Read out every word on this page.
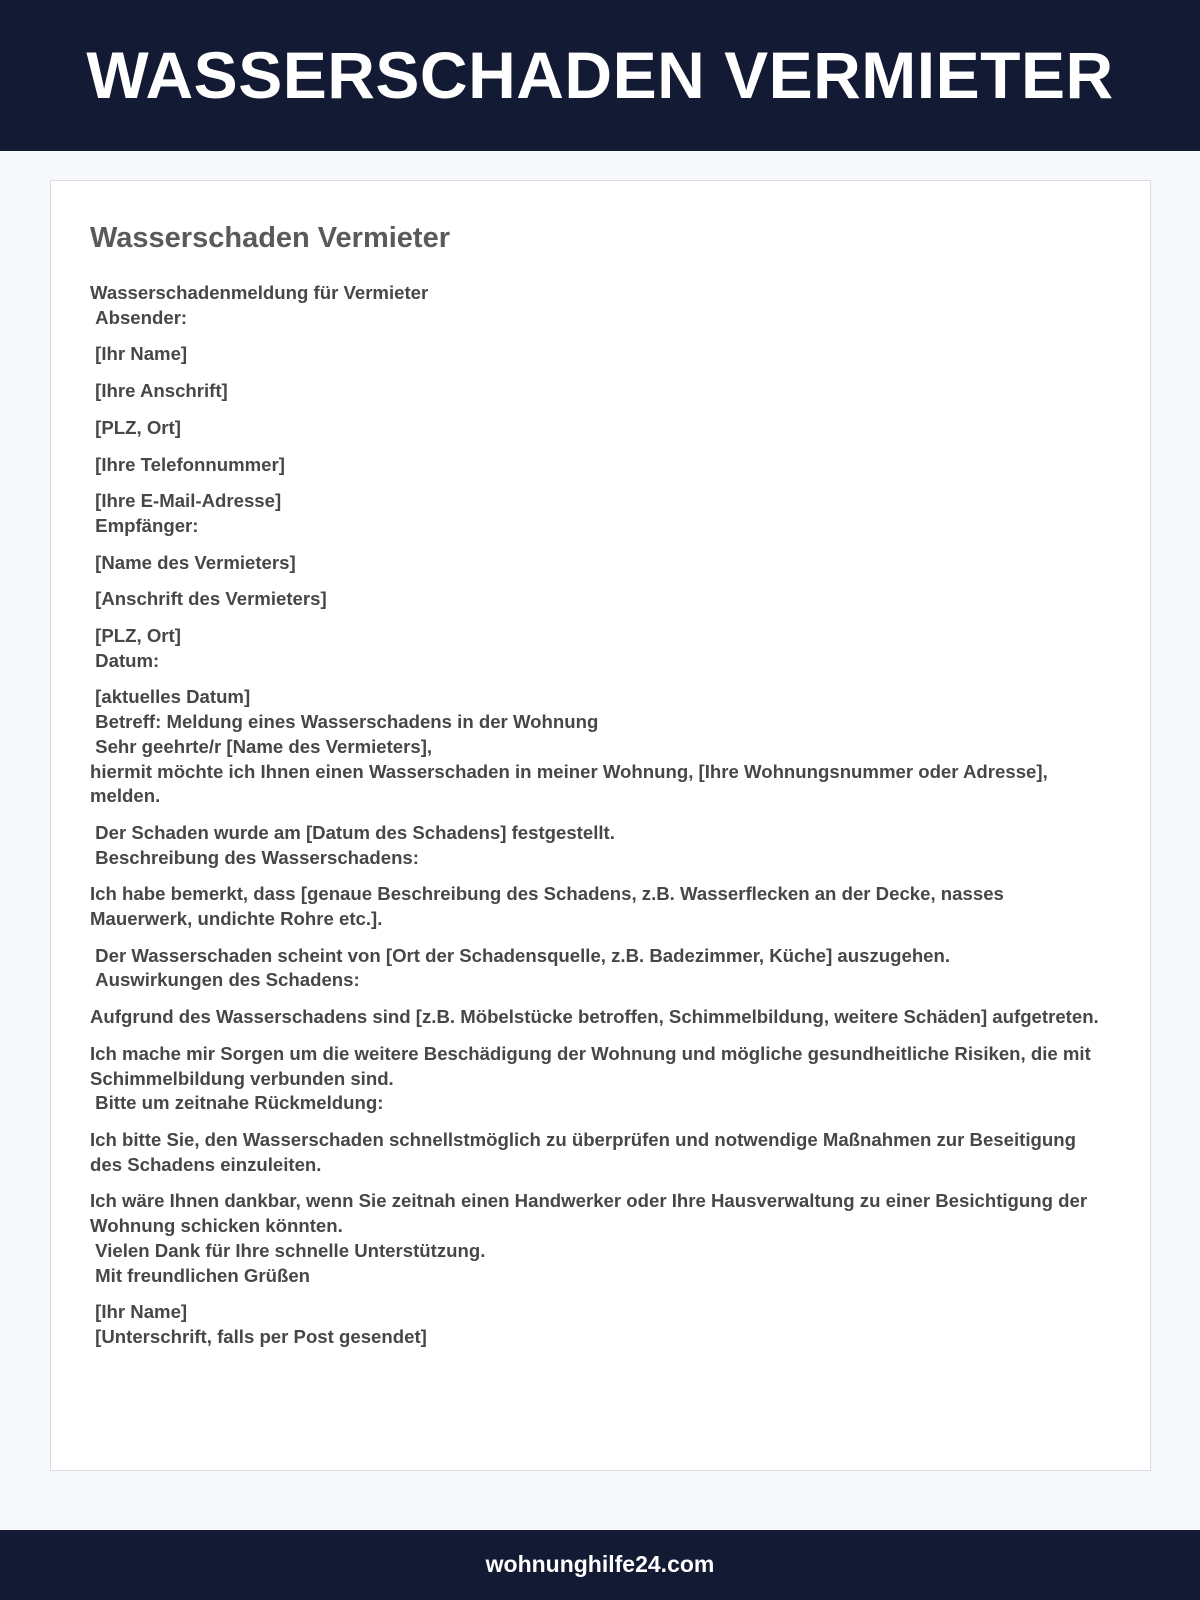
WASSERSCHADEN VERMIETER
Wasserschaden Vermieter
Wasserschadenmeldung für Vermieter
Absender:
[Ihr Name]
[Ihre Anschrift]
[PLZ, Ort]
[Ihre Telefonnummer]
[Ihre E-Mail-Adresse]
Empfänger:
[Name des Vermieters]
[Anschrift des Vermieters]
[PLZ, Ort]
Datum:
[aktuelles Datum]
Betreff: Meldung eines Wasserschadens in der Wohnung
Sehr geehrte/r [Name des Vermieters],
hiermit möchte ich Ihnen einen Wasserschaden in meiner Wohnung, [Ihre Wohnungsnummer oder Adresse], melden.
Der Schaden wurde am [Datum des Schadens] festgestellt.
Beschreibung des Wasserschadens:
Ich habe bemerkt, dass [genaue Beschreibung des Schadens, z.B. Wasserflecken an der Decke, nasses Mauerwerk, undichte Rohre etc.].
Der Wasserschaden scheint von [Ort der Schadensquelle, z.B. Badezimmer, Küche] auszugehen.
Auswirkungen des Schadens:
Aufgrund des Wasserschadens sind [z.B. Möbelstücke betroffen, Schimmelbildung, weitere Schäden] aufgetreten.
Ich mache mir Sorgen um die weitere Beschädigung der Wohnung und mögliche gesundheitliche Risiken, die mit Schimmelbildung verbunden sind.
Bitte um zeitnahe Rückmeldung:
Ich bitte Sie, den Wasserschaden schnellstmöglich zu überprüfen und notwendige Maßnahmen zur Beseitigung des Schadens einzuleiten.
Ich wäre Ihnen dankbar, wenn Sie zeitnah einen Handwerker oder Ihre Hausverwaltung zu einer Besichtigung der Wohnung schicken könnten.
Vielen Dank für Ihre schnelle Unterstützung.
Mit freundlichen Grüßen
[Ihr Name]
[Unterschrift, falls per Post gesendet]
wohnunghilfe24.com
